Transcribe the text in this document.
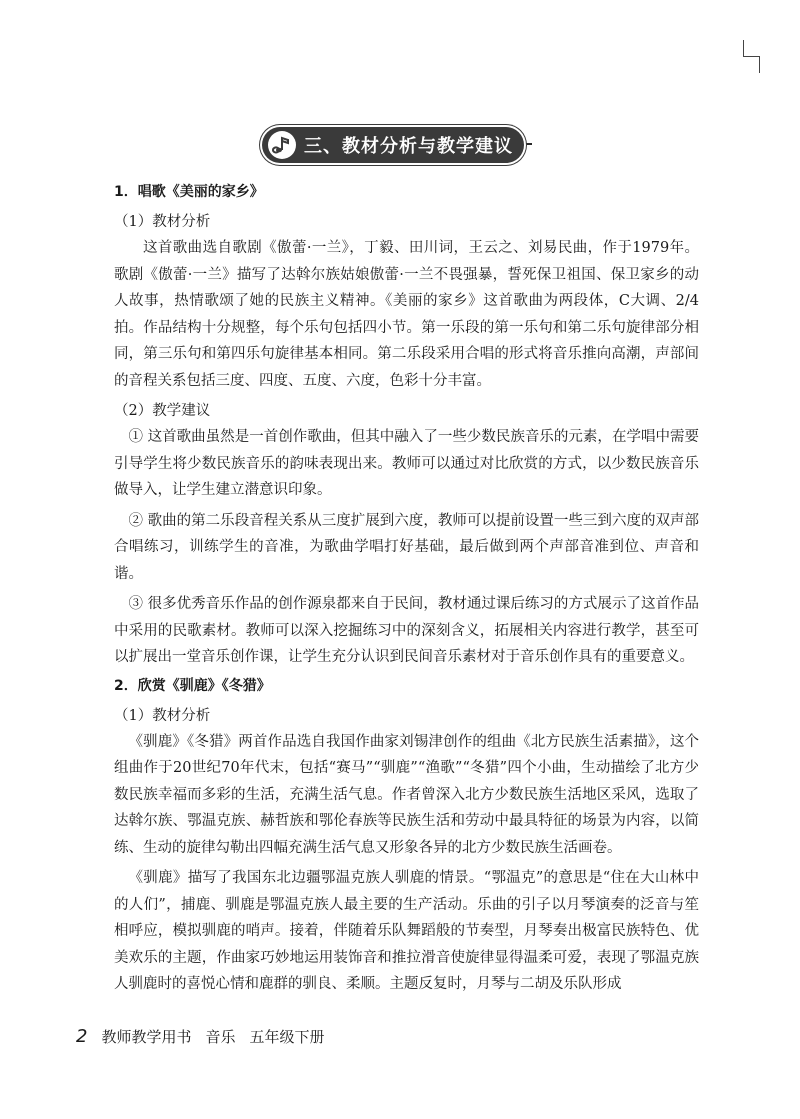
三、教材分析与教学建议
1．唱歌《美丽的家乡》

（1）教材分析

这首歌曲选自歌剧《傲蕾·一兰》，丁毅、田川词，王云之、刘易民曲，作于1979年。歌剧《傲蕾·一兰》描写了达斡尔族姑娘傲蕾·一兰不畏强暴，誓死保卫祖国、保卫家乡的动人故事，热情歌颂了她的民族主义精神。《美丽的家乡》这首歌曲为两段体，C大调、2/4拍。作品结构十分规整，每个乐句包括四小节。第一乐段的第一乐句和第二乐句旋律部分相同，第三乐句和第四乐句旋律基本相同。第二乐段采用合唱的形式将音乐推向高潮，声部间的音程关系包括三度、四度、五度、六度，色彩十分丰富。

（2）教学建议

① 这首歌曲虽然是一首创作歌曲，但其中融入了一些少数民族音乐的元素，在学唱中需要引导学生将少数民族音乐的韵味表现出来。教师可以通过对比欣赏的方式，以少数民族音乐做导入，让学生建立潜意识印象。

② 歌曲的第二乐段音程关系从三度扩展到六度，教师可以提前设置一些三到六度的双声部合唱练习，训练学生的音准，为歌曲学唱打好基础，最后做到两个声部音准到位、声音和谐。

③ 很多优秀音乐作品的创作源泉都来自于民间，教材通过课后练习的方式展示了这首作品中采用的民歌素材。教师可以深入挖掘练习中的深刻含义，拓展相关内容进行教学，甚至可以扩展出一堂音乐创作课，让学生充分认识到民间音乐素材对于音乐创作具有的重要意义。

2．欣赏《驯鹿》《冬猎》

（1）教材分析

《驯鹿》《冬猎》两首作品选自我国作曲家刘锡津创作的组曲《北方民族生活素描》，这个组曲作于20世纪70年代末，包括“赛马”“驯鹿”“渔歌”“冬猎”四个小曲，生动描绘了北方少数民族幸福而多彩的生活，充满生活气息。作者曾深入北方少数民族生活地区采风，选取了达斡尔族、鄂温克族、赫哲族和鄂伦春族等民族生活和劳动中最具特征的场景为内容，以简练、生动的旋律勾勒出四幅充满生活气息又形象各异的北方少数民族生活画卷。

《驯鹿》描写了我国东北边疆鄂温克族人驯鹿的情景。“鄂温克”的意思是“住在大山林中的人们”，捕鹿、驯鹿是鄂温克族人最主要的生产活动。乐曲的引子以月琴演奏的泛音与笙相呼应，模拟驯鹿的哨声。接着，伴随着乐队舞蹈般的节奏型，月琴奏出极富民族特色、优美欢乐的主题，作曲家巧妙地运用装饰音和推拉滑音使旋律显得温柔可爱，表现了鄂温克族人驯鹿时的喜悦心情和鹿群的驯良、柔顺。主题反复时，月琴与二胡及乐队形成

2 教师教学用书 音乐 五年级下册
